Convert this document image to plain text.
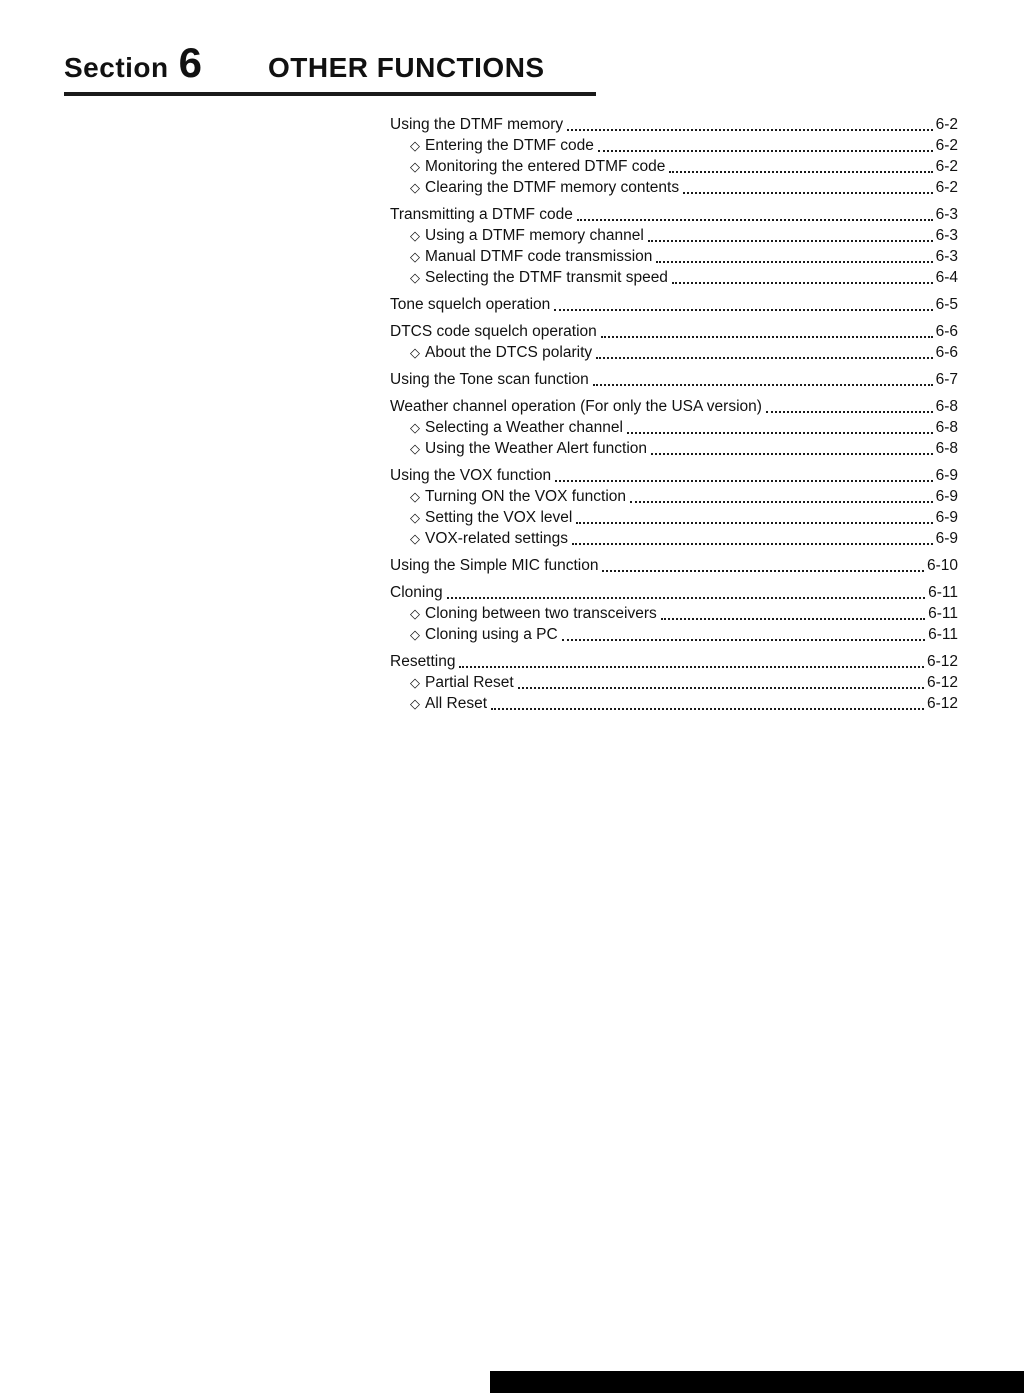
Section 6 OTHER FUNCTIONS
Using the DTMF memory	6-2
◇ Entering the DTMF code	6-2
◇ Monitoring the entered DTMF code	6-2
◇ Clearing the DTMF memory contents	6-2
Transmitting a DTMF code	6-3
◇ Using a DTMF memory channel	6-3
◇ Manual DTMF code transmission	6-3
◇ Selecting the DTMF transmit speed	6-4
Tone squelch operation	6-5
DTCS code squelch operation	6-6
◇ About the DTCS polarity	6-6
Using the Tone scan function	6-7
Weather channel operation (For only the USA version)	6-8
◇ Selecting a Weather channel	6-8
◇ Using the Weather Alert function	6-8
Using the VOX function	6-9
◇ Turning ON the VOX function	6-9
◇ Setting the VOX level	6-9
◇ VOX-related settings	6-9
Using the Simple MIC function	6-10
Cloning	6-11
◇ Cloning between two transceivers	6-11
◇ Cloning using a PC	6-11
Resetting	6-12
◇ Partial Reset	6-12
◇ All Reset	6-12
